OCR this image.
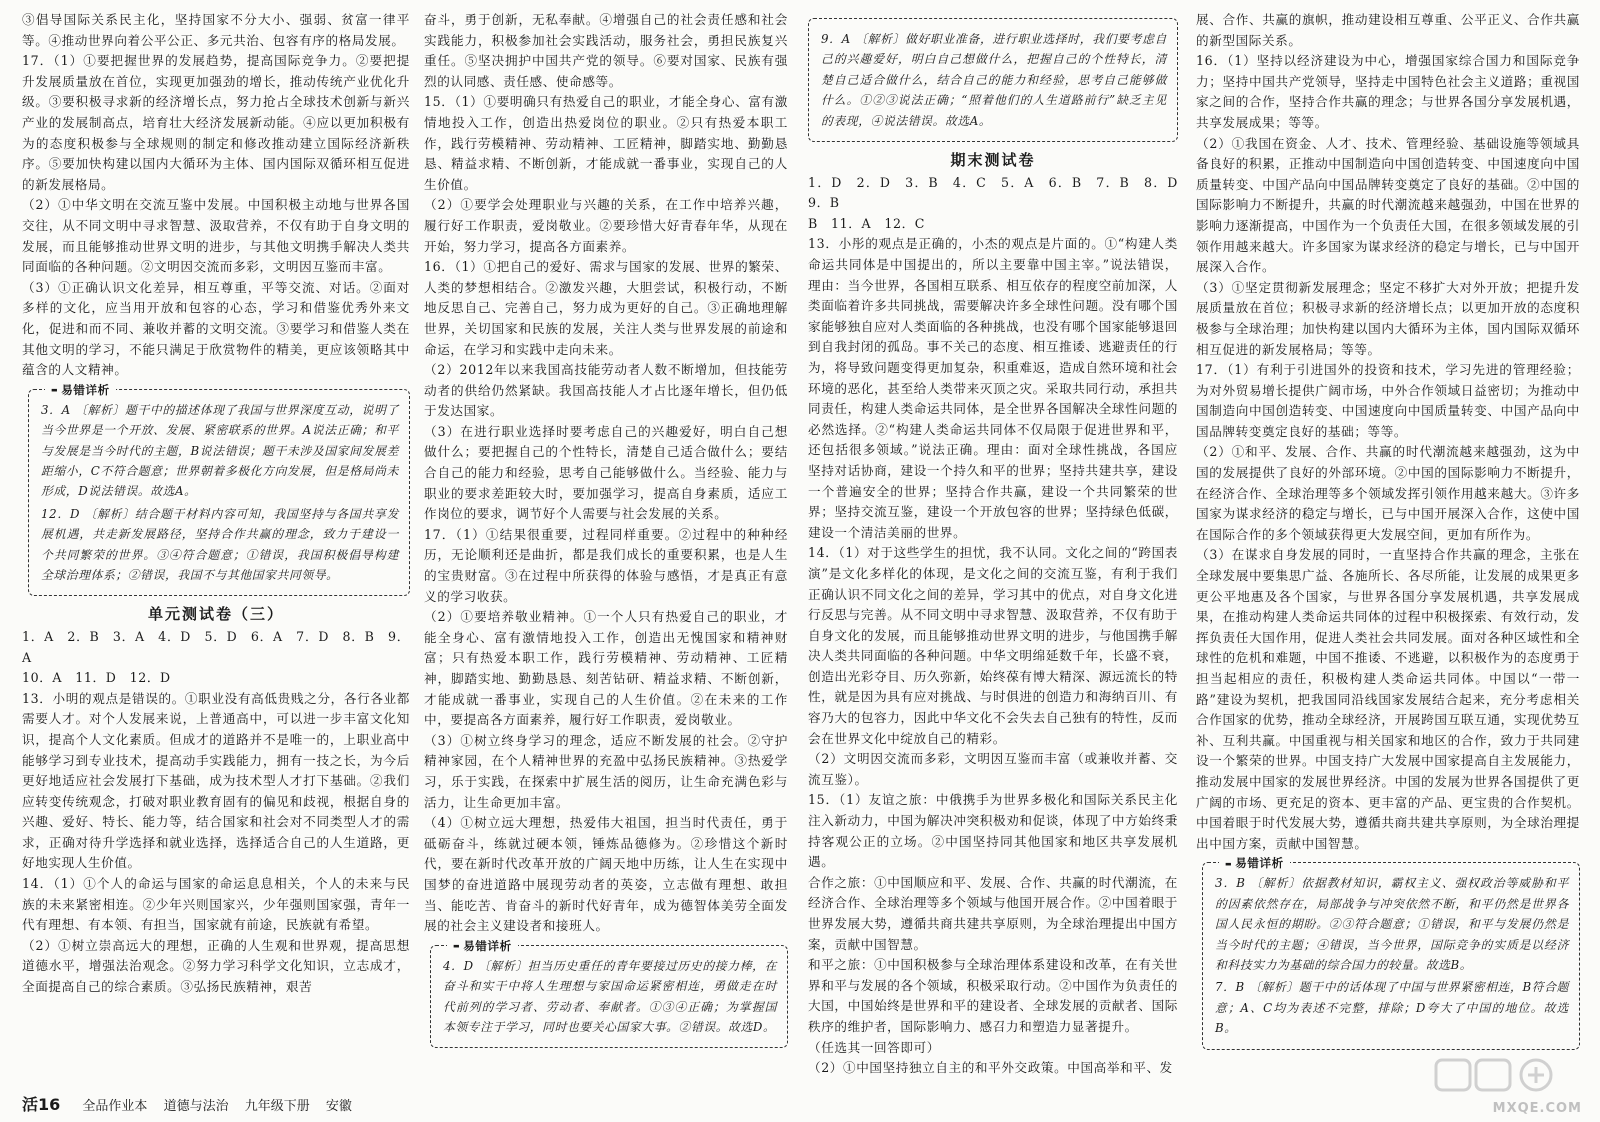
③倡导国际关系民主化，坚持国家不分大小、强弱、贫富一律平等。④推动世界向着公平公正、多元共治、包容有序的格局发展。

17．（1）①要把握世界的发展趋势，提高国际竞争力。②要把提升发展质量放在首位，实现更加强劲的增长，推动传统产业优化升级。③要积极寻求新的经济增长点，努力抢占全球技术创新与新兴产业的发展制高点，培育壮大经济发展新动能。④应以更加积极有为的态度积极参与全球规则的制定和修改推动建立国际经济新秩序。⑤要加快构建以国内大循环为主体、国内国际双循环相互促进的新发展格局。

（2）①中华文明在交流互鉴中发展。中国积极主动地与世界各国交往，从不同文明中寻求智慧、汲取营养，不仅有助于自身文明的发展，而且能够推动世界文明的进步，与其他文明携手解决人类共同面临的各种问题。②文明因交流而多彩，文明因互鉴而丰富。

（3）①正确认识文化差异，相互尊重，平等交流、对话。②面对多样的文化，应当用开放和包容的心态，学习和借鉴优秀外来文化，促进和而不同、兼收并蓄的文明交流。③要学习和借鉴人类在其他文明的学习，不能只满足于欣赏物件的精美，更应该领略其中蕴含的人文精神。

▬ 易错详析

3．A 〔解析〕题干中的描述体现了我国与世界深度互动，说明了当今世界是一个开放、发展、紧密联系的世界。A说法正确；和平与发展是当今时代的主题，B说法错误；题干未涉及国家间发展差距缩小，C不符合题意；世界朝着多极化方向发展，但是格局尚未形成，D说法错误。故选A。

12．D 〔解析〕结合题干材料内容可知，我国坚持与各国共享发展机遇，共走新发展路径，坚持合作共赢的理念，致力于建设一个共同繁荣的世界。③④符合题意；①错误，我国积极倡导构建全球治理体系；②错误，我国不与其他国家共同领导。

单元测试卷（三）

1．A　2．B　3．A　4．D　5．D　6．A　7．D　8．B　9．A

10．A　11．D　12．D

13．小明的观点是错误的。①职业没有高低贵贱之分，各行各业都需要人才。对个人发展来说，上普通高中，可以进一步丰富文化知识，提高个人文化素质。但成才的道路并不是唯一的，上职业高中能够学习到专业技术，提高动手实践能力，拥有一技之长，为今后更好地适应社会发展打下基础，成为技术型人才打下基础。②我们应转变传统观念，打破对职业教育固有的偏见和歧视，根据自身的兴趣、爱好、特长、能力等，结合国家和社会对不同类型人才的需求，正确对待升学选择和就业选择，选择适合自己的人生道路，更好地实现人生价值。

14．（1）①个人的命运与国家的命运息息相关，个人的未来与民族的未来紧密相连。②少年兴则国家兴，少年强则国家强，青年一代有理想、有本领、有担当，国家就有前途，民族就有希望。

（2）①树立崇高远大的理想，正确的人生观和世界观，提高思想道德水平，增强法治观念。②努力学习科学文化知识，立志成才，全面提高自己的综合素质。③弘扬民族精神，艰苦

奋斗，勇于创新，无私奉献。④增强自己的社会责任感和社会实践能力，积极参加社会实践活动，服务社会，勇担民族复兴重任。⑤坚决拥护中国共产党的领导。⑥要对国家、民族有强烈的认同感、责任感、使命感等。

15．（1）①要明确只有热爱自己的职业，才能全身心、富有激情地投入工作，创造出热爱岗位的职业。②只有热爱本职工作，践行劳模精神、劳动精神、工匠精神，脚踏实地、勤勤恳恳、精益求精、不断创新，才能成就一番事业，实现自己的人生价值。

（2）①要学会处理职业与兴趣的关系，在工作中培养兴趣，履行好工作职责，爱岗敬业。②要珍惜大好青春年华，从现在开始，努力学习，提高各方面素养。

16．（1）①把自己的爱好、需求与国家的发展、世界的繁荣、人类的梦想相结合。②激发兴趣，大胆尝试，积极行动，不断地反思自己、完善自己，努力成为更好的自己。③正确地理解世界，关切国家和民族的发展，关注人类与世界发展的前途和命运，在学习和实践中走向未来。

（2）2012年以来我国高技能劳动者人数不断增加，但技能劳动者的供给仍然紧缺。我国高技能人才占比逐年增长，但仍低于发达国家。

（3）在进行职业选择时要考虑自己的兴趣爱好，明白自己想做什么；要把握自己的个性特长，清楚自己适合做什么；要结合自己的能力和经验，思考自己能够做什么。当经验、能力与职业的要求差距较大时，要加强学习，提高自身素质，适应工作岗位的要求，调节好个人需要与社会发展的关系。

17．（1）①结果很重要，过程同样重要。②过程中的种种经历，无论顺利还是曲折，都是我们成长的重要积累，也是人生的宝贵财富。③在过程中所获得的体验与感悟，才是真正有意义的学习收获。

（2）①要培养敬业精神。①一个人只有热爱自己的职业，才能全身心、富有激情地投入工作，创造出无愧国家和精神财富；只有热爱本职工作，践行劳模精神、劳动精神、工匠精神，脚踏实地、勤勤恳恳、刻苦钻研、精益求精、不断创新，才能成就一番事业，实现自己的人生价值。②在未来的工作中，要提高各方面素养，履行好工作职责，爱岗敬业。

（3）①树立终身学习的理念，适应不断发展的社会。②守护精神家园，在个人精神世界的充盈中弘扬民族精神。③热爱学习，乐于实践，在探索中扩展生活的阅历，让生命充满色彩与活力，让生命更加丰富。

（4）①树立远大理想，热爱伟大祖国，担当时代责任，勇于砥砺奋斗，练就过硬本领，锤炼品德修为。②珍惜这个新时代，要在新时代改革开放的广阔天地中历练，让人生在实现中国梦的奋进道路中展现劳动者的英姿，立志做有理想、敢担当、能吃苦、肯奋斗的新时代好青年，成为德智体美劳全面发展的社会主义建设者和接班人。

▬ 易错详析

4．D 〔解析〕担当历史重任的青年要接过历史的接力棒，在奋斗和实干中将人生理想与家国命运紧密相连，勇做走在时代前列的学习者、劳动者、奉献者。①③④正确；为掌握国本领专注于学习，同时也要关心国家大事。②错误。故选D。

9．A 〔解析〕做好职业准备，进行职业选择时，我们要考虑自己的兴趣爱好，明白自己想做什么，把握自己的个性特长，清楚自己适合做什么，结合自己的能力和经验，思考自己能够做什么。①②③说法正确；“照着他们的人生道路前行”缺乏主见的表现，④说法错误。故选A。

期末测试卷

1．D　2．D　3．B　4．C　5．A　6．B　7．B　8．D　9．B

B　11．A　12．C

13．小彤的观点是正确的，小杰的观点是片面的。①“构建人类命运共同体是中国提出的，所以主要靠中国主宰。”说法错误，理由：当今世界，各国相互联系、相互依存的程度空前加深，人类面临着许多共同挑战，需要解决许多全球性问题。没有哪个国家能够独自应对人类面临的各种挑战，也没有哪个国家能够退回到自我封闭的孤岛。事不关己的态度、相互推诿、逃避责任的行为，将导致问题变得更加复杂，积重难返，造成自然环境和社会环境的恶化，甚至给人类带来灭顶之灾。采取共同行动，承担共同责任，构建人类命运共同体，是全世界各国解决全球性问题的必然选择。②“构建人类命运共同体不仅局限于促进世界和平，还包括很多领域。”说法正确。理由：面对全球性挑战，各国应坚持对话协商，建设一个持久和平的世界；坚持共建共享，建设一个普遍安全的世界；坚持合作共赢，建设一个共同繁荣的世界；坚持交流互鉴，建设一个开放包容的世界；坚持绿色低碳，建设一个清洁美丽的世界。

14．（1）对于这些学生的担忧，我不认同。文化之间的“跨国表演”是文化多样化的体现，是文化之间的交流互鉴，有利于我们正确认识不同文化之间的差异，学习其中的优点，对自身文化进行反思与完善。从不同文明中寻求智慧、汲取营养，不仅有助于自身文化的发展，而且能够推动世界文明的进步，与他国携手解决人类共同面临的各种问题。中华文明绵延数千年，长盛不衰，创造出光彩夺目、历久弥新，始终葆有博大精深、源远流长的特性，就是因为具有应对挑战、与时俱进的创造力和海纳百川、有容乃大的包容力，因此中华文化不会失去自己独有的特性，反而会在世界文化中绽放自己的精彩。

（2）文明因交流而多彩，文明因互鉴而丰富（或兼收并蓄、交流互鉴）。

15．（1）友谊之旅：中俄携手为世界多极化和国际关系民主化注入新动力，中国为解决冲突积极劝和促谈，体现了中方始终秉持客观公正的立场。②中国坚持同其他国家和地区共享发展机遇。

合作之旅：①中国顺应和平、发展、合作、共赢的时代潮流，在经济合作、全球治理等多个领域与他国开展合作。②中国着眼于世界发展大势，遵循共商共建共享原则，为全球治理提出中国方案，贡献中国智慧。

和平之旅：①中国积极参与全球治理体系建设和改革，在有关世界和平与发展的各个领域，积极采取行动。②中国作为负责任的大国，中国始终是世界和平的建设者、全球发展的贡献者、国际秩序的维护者，国际影响力、感召力和塑造力显著提升。

（任选其一回答即可）

（2）①中国坚持独立自主的和平外交政策。中国高举和平、发

展、合作、共赢的旗帜，推动建设相互尊重、公平正义、合作共赢的新型国际关系。

16．（1）坚持以经济建设为中心，增强国家综合国力和国际竞争力；坚持中国共产党领导，坚持走中国特色社会主义道路；重视国家之间的合作，坚持合作共赢的理念；与世界各国分享发展机遇，共享发展成果；等等。

（2）①我国在资金、人才、技术、管理经验、基础设施等领域具备良好的积累，正推动中国制造向中国创造转变、中国速度向中国质量转变、中国产品向中国品牌转变奠定了良好的基础。②中国的国际影响力不断提升，共赢的时代潮流越来越强劲，中国在世界的影响力逐渐提高，中国作为一个负责任大国，在很多领域发展的引领作用越来越大。许多国家为谋求经济的稳定与增长，已与中国开展深入合作。

（3）①坚定贯彻新发展理念；坚定不移扩大对外开放；把提升发展质量放在首位；积极寻求新的经济增长点；以更加开放的态度积极参与全球治理；加快构建以国内大循环为主体，国内国际双循环相互促进的新发展格局；等等。

17．（1）有利于引进国外的投资和技术，学习先进的管理经验；为对外贸易增长提供广阔市场，中外合作领域日益密切；为推动中国制造向中国创造转变、中国速度向中国质量转变、中国产品向中国品牌转变奠定良好的基础；等等。

（2）①和平、发展、合作、共赢的时代潮流越来越强劲，这为中国的发展提供了良好的外部环境。②中国的国际影响力不断提升，在经济合作、全球治理等多个领域发挥引领作用越来越大。③许多国家为谋求经济的稳定与增长，已与中国开展深入合作，这使中国在国际合作的多个领域获得更大发展空间，更加有所作为。

（3）在谋求自身发展的同时，一直坚持合作共赢的理念，主张在全球发展中要集思广益、各施所长、各尽所能，让发展的成果更多更公平地惠及各个国家，与世界各国分享发展机遇，共享发展成果，在推动构建人类命运共同体的过程中积极探索、有效行动，发挥负责任大国作用，促进人类社会共同发展。面对各种区域性和全球性的危机和难题，中国不推诿、不逃避，以积极作为的态度勇于担当起相应的责任，积极构建人类命运共同体。中国以“一带一路”建设为契机，把我国同沿线国家发展结合起来，充分考虑相关合作国家的优势，推动全球经济，开展跨国互联互通，实现优势互补、互利共赢。中国重视与相关国家和地区的合作，致力于共同建设一个繁荣的世界。中国支持广大发展中国家提高自主发展能力，推动发展中国家的发展世界经济。中国的发展为世界各国提供了更广阔的市场、更充足的资本、更丰富的产品、更宝贵的合作契机。中国着眼于时代发展大势，遵循共商共建共享原则，为全球治理提出中国方案，贡献中国智慧。

▬ 易错详析

3．B 〔解析〕依据教材知识，霸权主义、强权政治等威胁和平的因素依然存在，局部战争与冲突依然不断，和平仍然是世界各国人民永恒的期盼。②③符合题意；①错误，和平与发展仍然是当今时代的主题；④错误，当今世界，国际竞争的实质是以经济和科技实力为基础的综合国力的较量。故选B。

7．B 〔解析〕题干中的话体现了中国与世界紧密相连，B符合题意；A、C均为表述不完整，排除；D夸大了中国的地位。故选B。

活16 全品作业本 道德与法治 九年级下册 安徽	MXQE.COM
